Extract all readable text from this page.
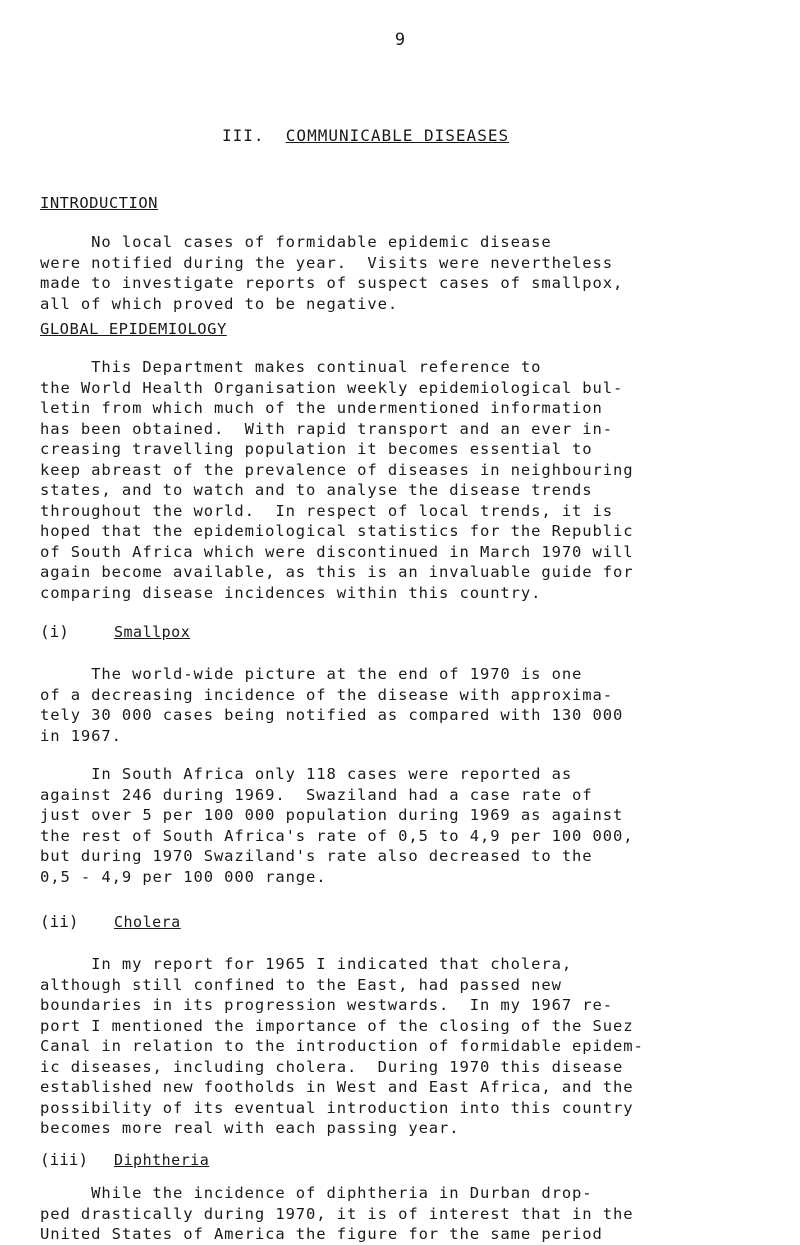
9
III. COMMUNICABLE DISEASES
INTRODUCTION
No local cases of formidable epidemic disease
were notified during the year.  Visits were nevertheless
made to investigate reports of suspect cases of smallpox,
all of which proved to be negative.
GLOBAL EPIDEMIOLOGY
This Department makes continual reference to
the World Health Organisation weekly epidemiological bul-
letin from which much of the undermentioned information
has been obtained.  With rapid transport and an ever in-
creasing travelling population it becomes essential to
keep abreast of the prevalence of diseases in neighbouring
states, and to watch and to analyse the disease trends
throughout the world.  In respect of local trends, it is
hoped that the epidemiological statistics for the Republic
of South Africa which were discontinued in March 1970 will
again become available, as this is an invaluable guide for
comparing disease incidences within this country.
(i)	Smallpox
The world-wide picture at the end of 1970 is one
of a decreasing incidence of the disease with approxima-
tely 30 000 cases being notified as compared with 130 000
in 1967.
In South Africa only 118 cases were reported as
against 246 during 1969.  Swaziland had a case rate of
just over 5 per 100 000 population during 1969 as against
the rest of South Africa's rate of 0,5 to 4,9 per 100 000,
but during 1970 Swaziland's rate also decreased to the
0,5 - 4,9 per 100 000 range.
(ii) Cholera
In my report for 1965 I indicated that cholera,
although still confined to the East, had passed new
boundaries in its progression westwards.  In my 1967 re-
port I mentioned the importance of the closing of the Suez
Canal in relation to the introduction of formidable epidem-
ic diseases, including cholera.  During 1970 this disease
established new footholds in West and East Africa, and the
possibility of its eventual introduction into this country
becomes more real with each passing year.
(iii) Diphtheria
While the incidence of diphtheria in Durban drop-
ped drastically during 1970, it is of interest that in the
United States of America the figure for the same period
